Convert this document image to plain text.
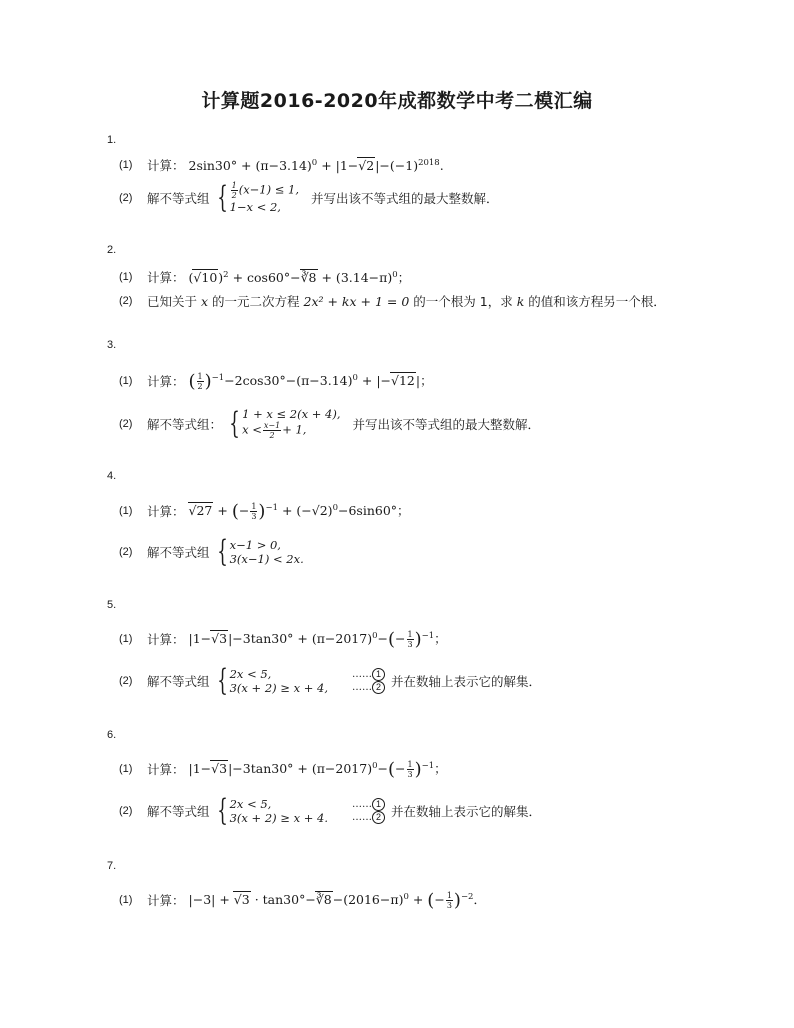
计算题2016-2020年成都数学中考二模汇编
1.
(1)	计算： $2\sin 30^\circ + (\pi-3.14)^0 + |1-√2|-(-1)^{2018}$.
(2)	解不等式组 { $\frac{1}{2} (x-1) \le 1$,
1−x < 2,
并写出该不等式组的最大整数解．
2.
(1)	计算： $(√10)^2$ + cos60°−∛8 + $(3.14-\pi)^0$；
(2)	已知关于 x 的一元二次方程 2x² + kx + 1 = 0 的一个根为 1，求 k 的值和该方程另一个根．
3.
(1)	计算： ( $\frac{1}{2} )^{-1}-2\cos 30^\circ-(\pi-3.14)^0 + |-√12|$；
(2)	解不等式组： { 1 + x ≤ 2(x + 4),
$x < \frac{x-1}{2} + 1$,	并写出该不等式组的最大整数解．
4.
(1)	计算： √27 + (− $\frac{1}{3} )^{-1} + (-√2)^0-6\sin 60^\circ$；
(2)	解不等式组 { x−1 > 0,
3(x−1) < 2x.
5.
(1)	计算： $|1-√3|-3\tan 30^\circ + (\pi-2017)^0-(- \frac{1}{3} )^{-1}$；
(2)	解不等式组 { 2x < 5,
3(x + 2) ≥ x + 4,
…… 1
…… 2 并在数轴上表示它的解集．
6.
(1)	计算： $|1-√3|-3\tan 30^\circ + (\pi-2017)^0-(- \frac{1}{3} )^{-1}$；
(2)	解不等式组 { 2x < 5,
3(x + 2) ≥ x + 4.
…… 1
…… 2 并在数轴上表示它的解集．
7.
(1)	计算： $|-3| + √3 \cdot \tan 30^\circ-∛8-(2016-\pi)^0$ + (− $\frac{1}{3} )^{-2}$．
